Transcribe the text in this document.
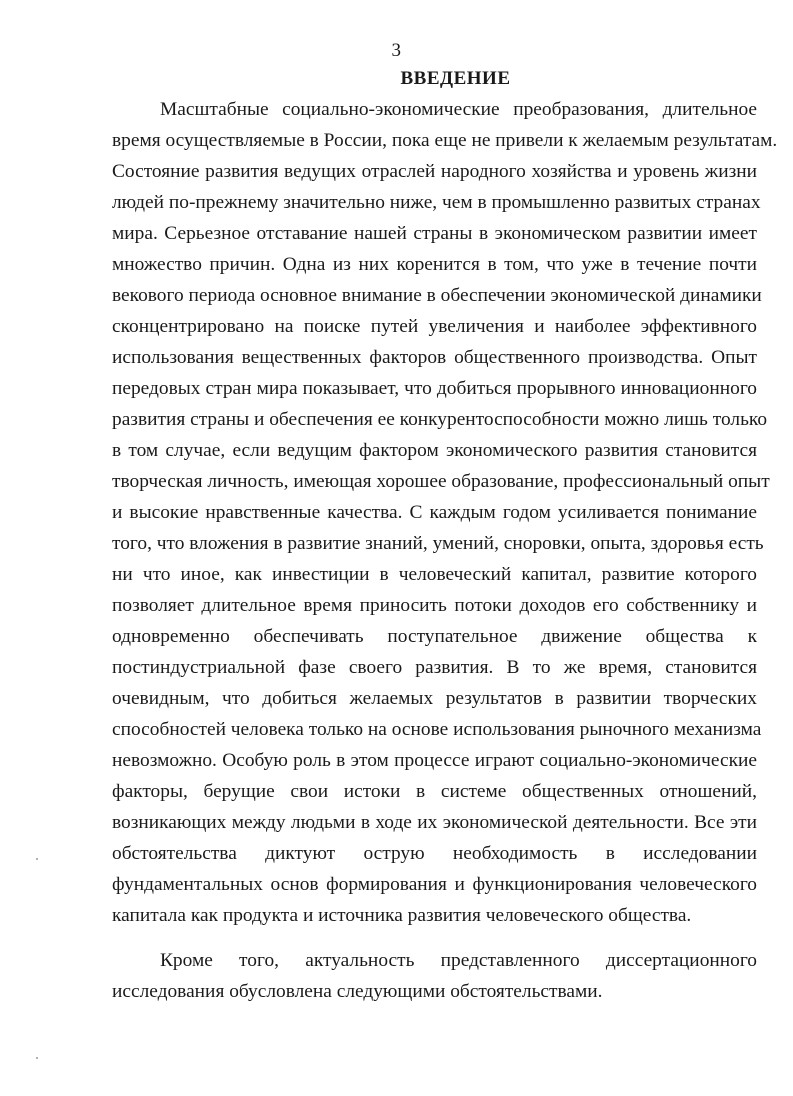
3
ВВЕДЕНИЕ
Масштабные социально-экономические преобразования, длительное
время осуществляемые в России, пока еще не привели к желаемым результатам.
Состояние развития ведущих отраслей народного хозяйства и уровень жизни
людей по-прежнему значительно ниже, чем в промышленно развитых странах
мира. Серьезное отставание нашей страны в экономическом развитии имеет
множество причин. Одна из них коренится в том, что уже в течение почти
векового периода основное внимание в обеспечении экономической динамики
сконцентрировано на поиске путей увеличения и наиболее эффективного
использования вещественных факторов общественного производства. Опыт
передовых стран мира показывает, что добиться прорывного инновационного
развития страны и обеспечения ее конкурентоспособности можно лишь только
в том случае, если ведущим фактором экономического развития становится
творческая личность, имеющая хорошее образование, профессиональный опыт
и высокие нравственные качества. С каждым годом усиливается понимание
того, что вложения в развитие знаний, умений, сноровки, опыта, здоровья есть
ни что иное, как инвестиции в человеческий капитал, развитие которого
позволяет длительное время приносить потоки доходов его собственнику и
одновременно обеспечивать поступательное движение общества к
постиндустриальной фазе своего развития. В то же время, становится
очевидным, что добиться желаемых результатов в развитии творческих
способностей человека только на основе использования рыночного механизма
невозможно. Особую роль в этом процессе играют социально-экономические
факторы, берущие свои истоки в системе общественных отношений,
возникающих между людьми в ходе их экономической деятельности. Все эти
обстоятельства диктуют острую необходимость в исследовании
фундаментальных основ формирования и функционирования человеческого
капитала как продукта и источника развития человеческого общества.
Кроме того, актуальность представленного диссертационного
исследования обусловлена следующими обстоятельствами.
